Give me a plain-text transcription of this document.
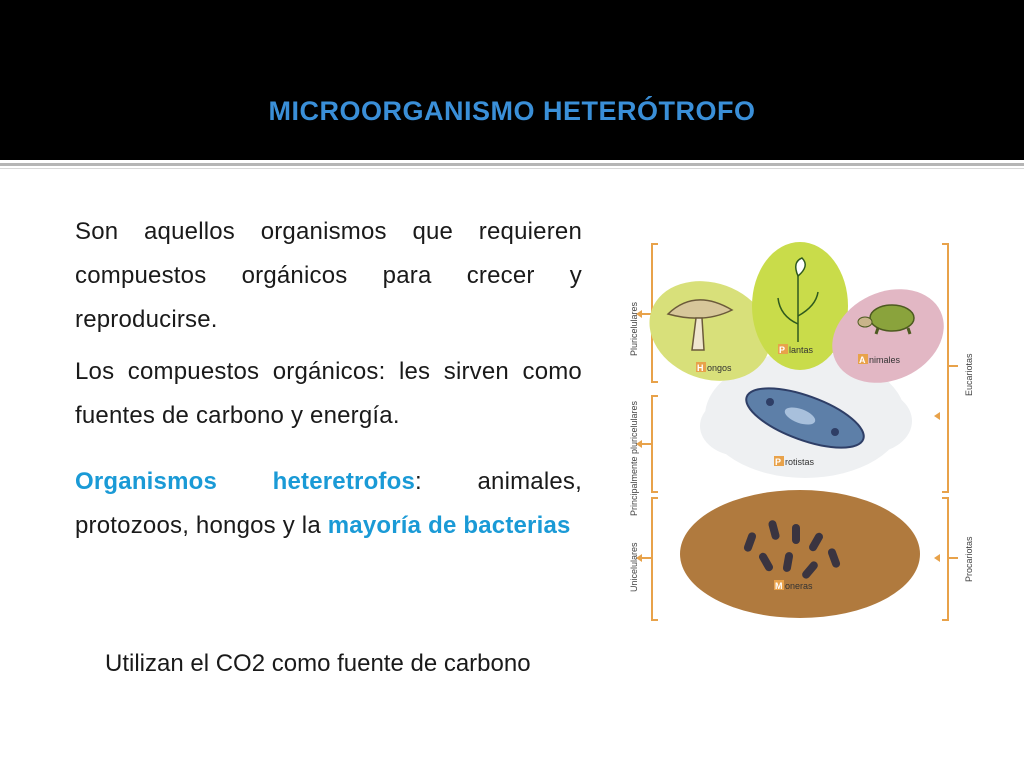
MICROORGANISMO HETERÓTROFO

Son aquellos organismos que requieren compuestos orgánicos para crecer y reproducirse.

Los compuestos orgánicos: les sirven como fuentes de carbono y energía.

Organismos heteretrofos: animales, protozoos, hongos y la mayoría de bacterias

Utilizan el CO2 como fuente de carbono

Pluricelulares
Principalmente pluricelulares
Unicelulares
Eucariotas
Procariotas
H ongos
P lantas
A nimales
P rotistas
M oneras
